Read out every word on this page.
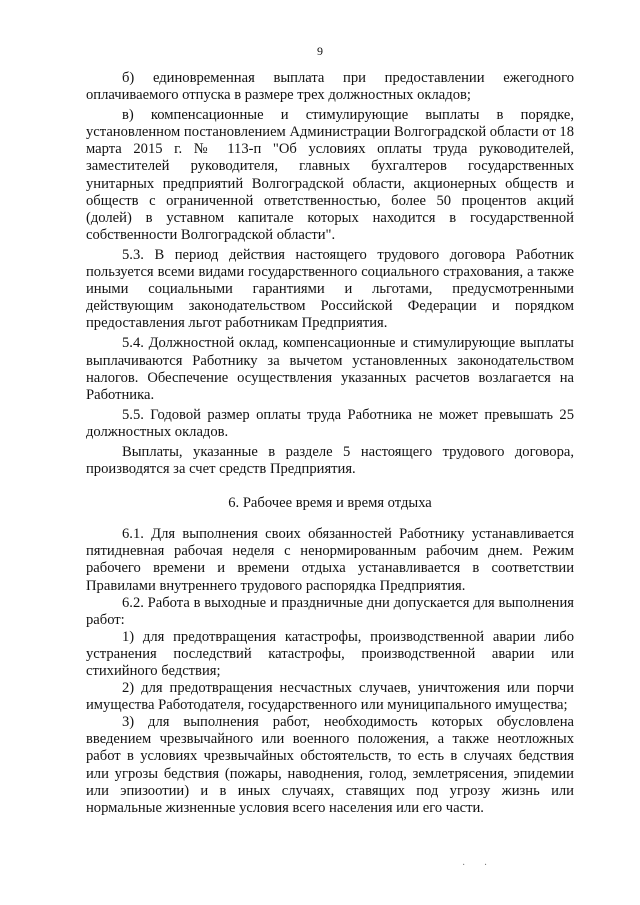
9

б) единовременная выплата при предоставлении ежегодного оплачиваемого отпуска в размере трех должностных окладов;

в) компенсационные и стимулирующие выплаты в порядке, установленном постановлением Администрации Волгоградской области от 18 марта 2015 г. № 113-п "Об условиях оплаты труда руководителей, заместителей руководителя, главных бухгалтеров государственных унитарных предприятий Волгоградской области, акционерных обществ и обществ с ограниченной ответственностью, более 50 процентов акций (долей) в уставном капитале которых находится в государственной собственности Волгоградской области".

5.3. В период действия настоящего трудового договора Работник пользуется всеми видами государственного социального страхования, а также иными социальными гарантиями и льготами, предусмотренными действующим законодательством Российской Федерации и порядком предоставления льгот работникам Предприятия.

5.4. Должностной оклад, компенсационные и стимулирующие выплаты выплачиваются Работнику за вычетом установленных законодательством налогов. Обеспечение осуществления указанных расчетов возлагается на Работника.

5.5. Годовой размер оплаты труда Работника не может превышать 25 должностных окладов.

Выплаты, указанные в разделе 5 настоящего трудового договора, производятся за счет средств Предприятия.

6. Рабочее время и время отдыха

6.1. Для выполнения своих обязанностей Работнику устанавливается пятидневная рабочая неделя с ненормированным рабочим днем. Режим рабочего времени и времени отдыха устанавливается в соответствии Правилами внутреннего трудового распорядка Предприятия.

6.2. Работа в выходные и праздничные дни допускается для выполнения работ:

1) для предотвращения катастрофы, производственной аварии либо устранения последствий катастрофы, производственной аварии или стихийного бедствия;

2) для предотвращения несчастных случаев, уничтожения или порчи имущества Работодателя, государственного или муниципального имущества;

3) для выполнения работ, необходимость которых обусловлена введением чрезвычайного или военного положения, а также неотложных работ в условиях чрезвычайных обстоятельств, то есть в случаях бедствия или угрозы бедствия (пожары, наводнения, голод, землетрясения, эпидемии или эпизоотии) и в иных случаях, ставящих под угрозу жизнь или нормальные жизненные условия всего населения или его части.

· ·
